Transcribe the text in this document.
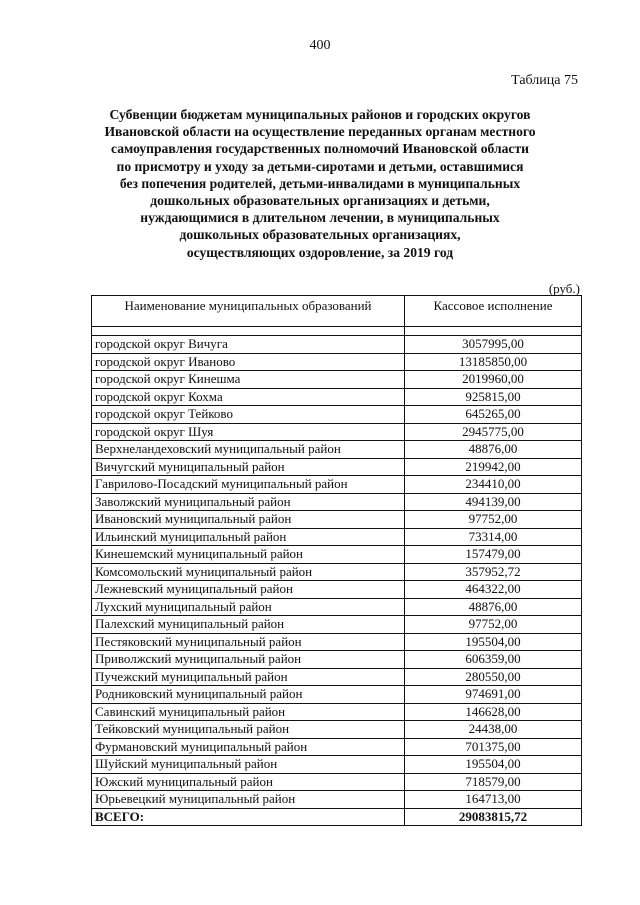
400
Таблица 75
Субвенции бюджетам муниципальных районов и городских округов
Ивановской области на осуществление переданных органам местного
самоуправления государственных полномочий Ивановской области
по присмотру и уходу за детьми-сиротами и детьми, оставшимися
без попечения родителей, детьми-инвалидами в муниципальных
дошкольных образовательных организациях и детьми,
нуждающимися в длительном лечении, в муниципальных
дошкольных образовательных организациях,
осуществляющих оздоровление, за 2019 год
(руб.)
Наименование муниципальных образований	Кассовое исполнение

городской округ Вичуга	3057995,00
городской округ Иваново	13185850,00
городской округ Кинешма	2019960,00
городской округ Кохма	925815,00
городской округ Тейково	645265,00
городской округ Шуя	2945775,00
Верхнеландеховский муниципальный район	48876,00
Вичугский муниципальный район	219942,00
Гаврилово-Посадский муниципальный район	234410,00
Заволжский муниципальный район	494139,00
Ивановский муниципальный район	97752,00
Ильинский муниципальный район	73314,00
Кинешемский муниципальный район	157479,00
Комсомольский муниципальный район	357952,72
Лежневский муниципальный район	464322,00
Лухский муниципальный район	48876,00
Палехский муниципальный район	97752,00
Пестяковский муниципальный район	195504,00
Приволжский муниципальный район	606359,00
Пучежский муниципальный район	280550,00
Родниковский муниципальный район	974691,00
Савинский муниципальный район	146628,00
Тейковский муниципальный район	24438,00
Фурмановский муниципальный район	701375,00
Шуйский муниципальный район	195504,00
Южский муниципальный район	718579,00
Юрьевецкий муниципальный район	164713,00
ВСЕГО:	29083815,72
